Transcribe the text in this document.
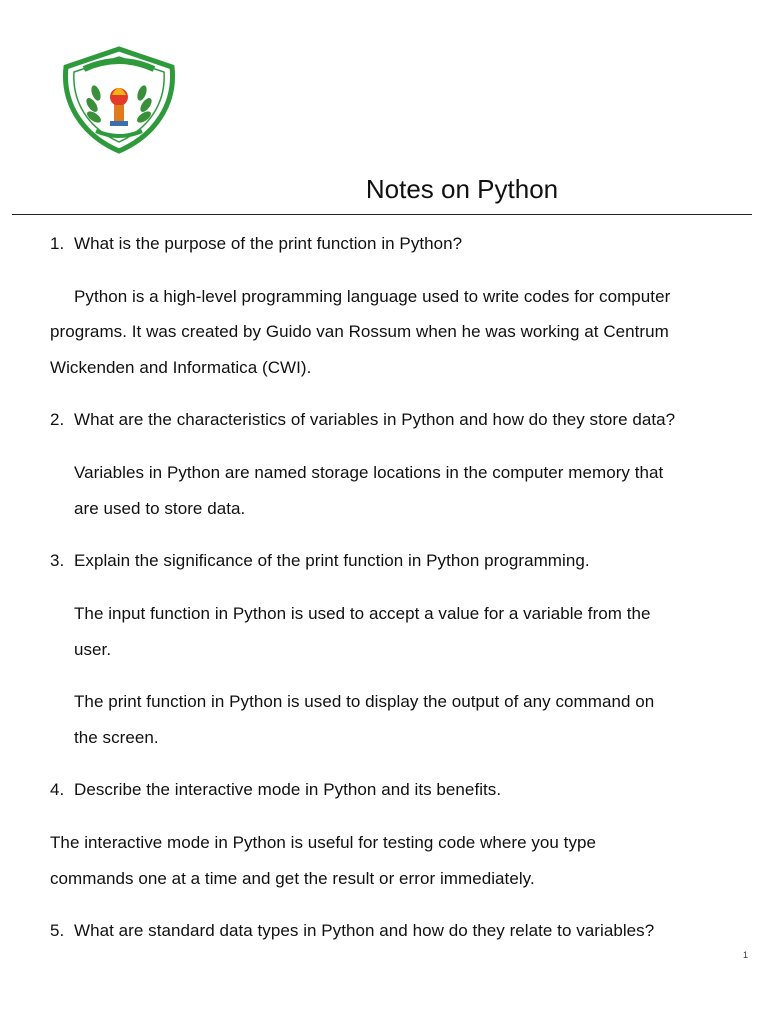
Notes on Python
1. What is the purpose of the print function in Python?
Python is a high-level programming language used to write codes for computer
programs. It was created by Guido van Rossum when he was working at Centrum
Wickenden and Informatica (CWI).
2. What are the characteristics of variables in Python and how do they store data?
Variables in Python are named storage locations in the computer memory that
are used to store data.
3. Explain the significance of the print function in Python programming.
The input function in Python is used to accept a value for a variable from the
user.
The print function in Python is used to display the output of any command on
the screen.
4. Describe the interactive mode in Python and its benefits.
The interactive mode in Python is useful for testing code where you type
commands one at a time and get the result or error immediately.
5. What are standard data types in Python and how do they relate to variables?
1
